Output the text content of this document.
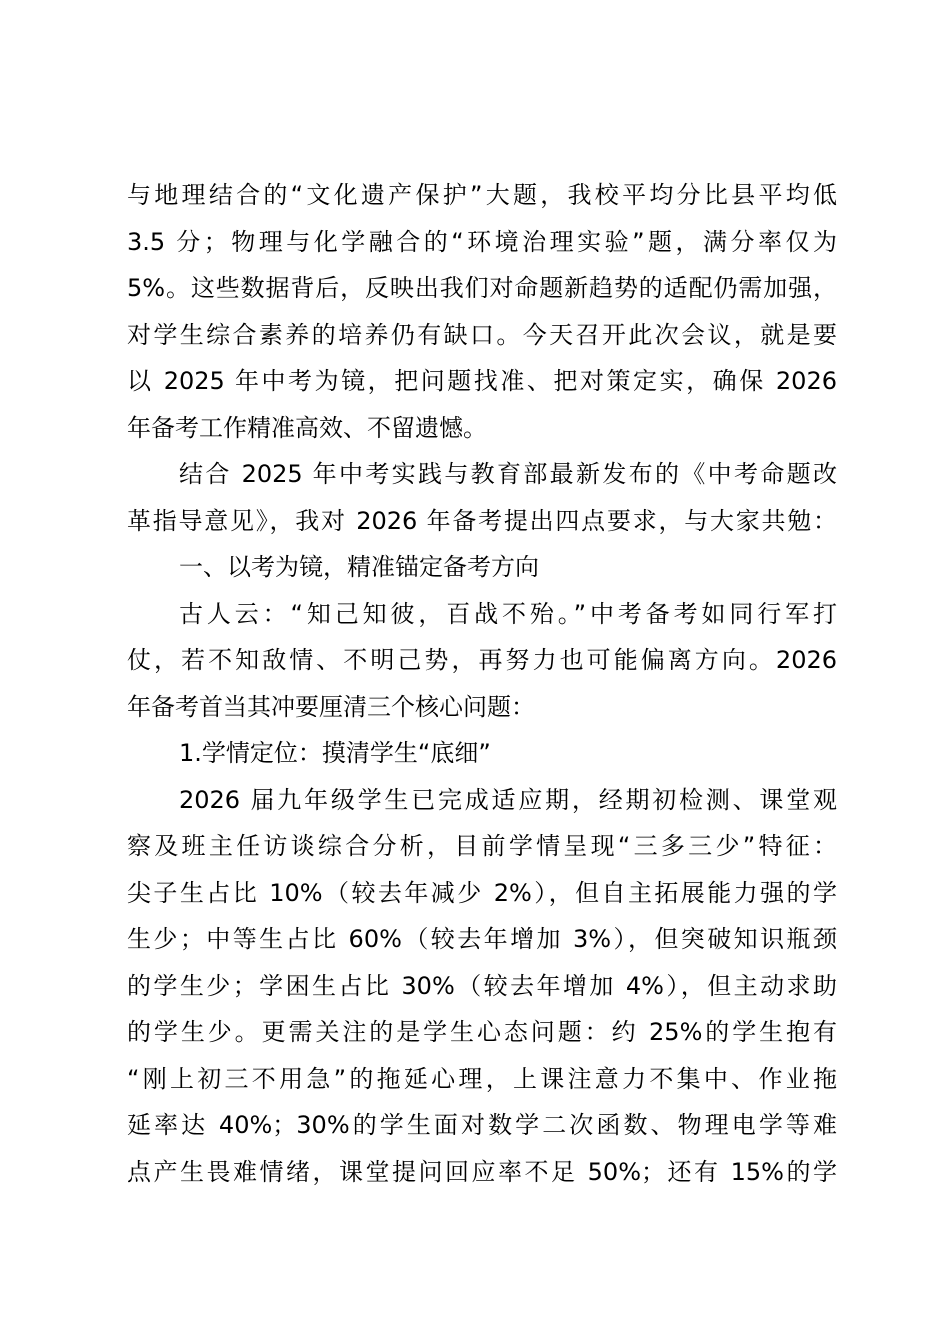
与地理结合的“文化遗产保护”大题，我校平均分比县平均低
3.5 分；物理与化学融合的“环境治理实验”题，满分率仅为
5%。这些数据背后，反映出我们对命题新趋势的适配仍需加强，
对学生综合素养的培养仍有缺口。今天召开此次会议，就是要
以 2025 年中考为镜，把问题找准、把对策定实，确保 2026
年备考工作精准高效、不留遗憾。
结合 2025 年中考实践与教育部最新发布的《中考命题改
革指导意见》，我对 2026 年备考提出四点要求，与大家共勉：
一、以考为镜，精准锚定备考方向
古人云：“知己知彼，百战不殆。”中考备考如同行军打
仗，若不知敌情、不明己势，再努力也可能偏离方向。2026
年备考首当其冲要厘清三个核心问题：
1.学情定位：摸清学生“底细”
2026 届九年级学生已完成适应期，经期初检测、课堂观
察及班主任访谈综合分析，目前学情呈现“三多三少”特征：
尖子生占比 10%（较去年减少 2%），但自主拓展能力强的学
生少；中等生占比 60%（较去年增加 3%），但突破知识瓶颈
的学生少；学困生占比 30%（较去年增加 4%），但主动求助
的学生少。更需关注的是学生心态问题：约 25%的学生抱有
“刚上初三不用急”的拖延心理，上课注意力不集中、作业拖
延率达 40%；30%的学生面对数学二次函数、物理电学等难
点产生畏难情绪，课堂提问回应率不足 50%；还有 15%的学
